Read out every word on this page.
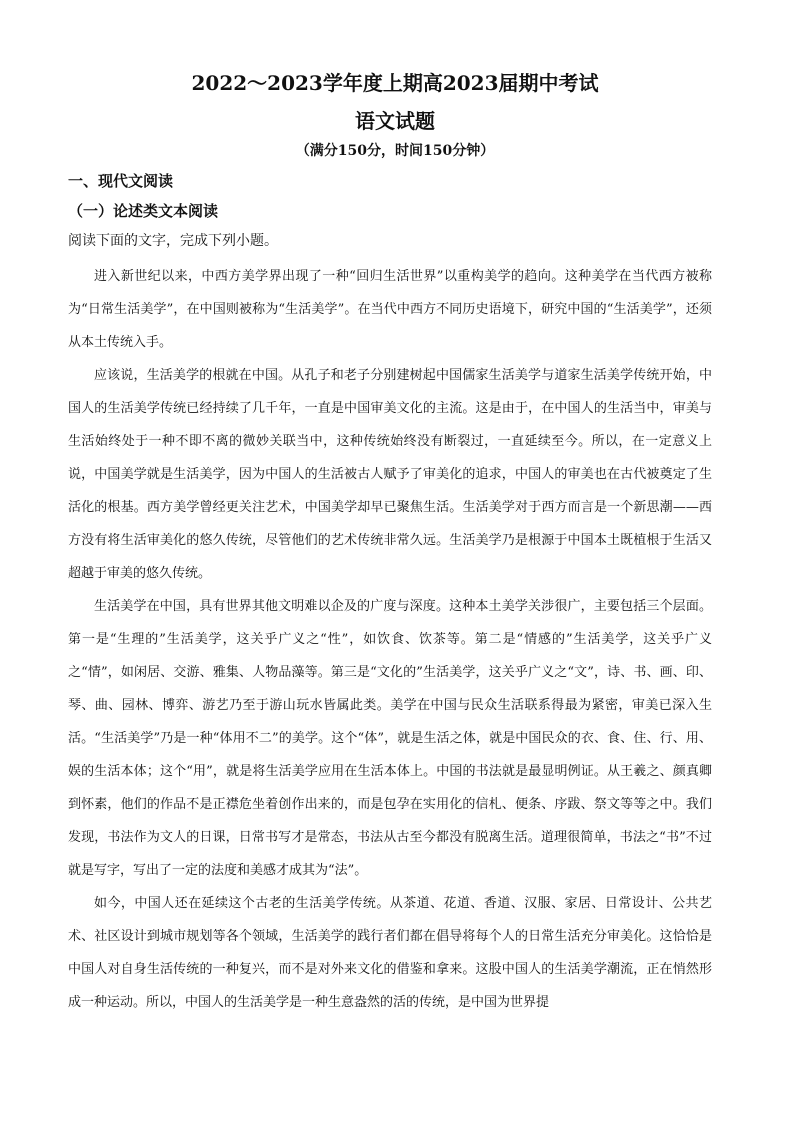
2022～2023学年度上期高2023届期中考试
语文试题
（满分150分，时间150分钟）
一、现代文阅读
（一）论述类文本阅读
阅读下面的文字，完成下列小题。

进入新世纪以来，中西方美学界出现了一种“回归生活世界”以重构美学的趋向。这种美学在当代西方被称为“日常生活美学”，在中国则被称为“生活美学”。在当代中西方不同历史语境下，研究中国的“生活美学”，还须从本土传统入手。

应该说，生活美学的根就在中国。从孔子和老子分别建树起中国儒家生活美学与道家生活美学传统开始，中国人的生活美学传统已经持续了几千年，一直是中国审美文化的主流。这是由于，在中国人的生活当中，审美与生活始终处于一种不即不离的微妙关联当中，这种传统始终没有断裂过，一直延续至今。所以，在一定意义上说，中国美学就是生活美学，因为中国人的生活被古人赋予了审美化的追求，中国人的审美也在古代被奠定了生活化的根基。西方美学曾经更关注艺术，中国美学却早已聚焦生活。生活美学对于西方而言是一个新思潮——西方没有将生活审美化的悠久传统，尽管他们的艺术传统非常久远。生活美学乃是根源于中国本土既植根于生活又超越于审美的悠久传统。

生活美学在中国，具有世界其他文明难以企及的广度与深度。这种本土美学关涉很广，主要包括三个层面。第一是“生理的”生活美学，这关乎广义之“性”，如饮食、饮茶等。第二是“情感的”生活美学，这关乎广义之“情”，如闲居、交游、雅集、人物品藻等。第三是“文化的”生活美学，这关乎广义之“文”，诗、书、画、印、琴、曲、园林、博弈、游艺乃至于游山玩水皆属此类。美学在中国与民众生活联系得最为紧密，审美已深入生活。“生活美学”乃是一种“体用不二”的美学。这个“体”，就是生活之体，就是中国民众的衣、食、住、行、用、娱的生活本体；这个“用”，就是将生活美学应用在生活本体上。中国的书法就是最显明例证。从王羲之、颜真卿到怀素，他们的作品不是正襟危坐着创作出来的，而是包孕在实用化的信札、便条、序跋、祭文等等之中。我们发现，书法作为文人的日课，日常书写才是常态，书法从古至今都没有脱离生活。道理很简单，书法之“书”不过就是写字，写出了一定的法度和美感才成其为“法”。

如今，中国人还在延续这个古老的生活美学传统。从茶道、花道、香道、汉服、家居、日常设计、公共艺术、社区设计到城市规划等各个领域，生活美学的践行者们都在倡导将每个人的日常生活充分审美化。这恰恰是中国人对自身生活传统的一种复兴，而不是对外来文化的借鉴和拿来。这股中国人的生活美学潮流，正在悄然形成一种运动。所以，中国人的生活美学是一种生意盎然的活的传统，是中国为世界提
